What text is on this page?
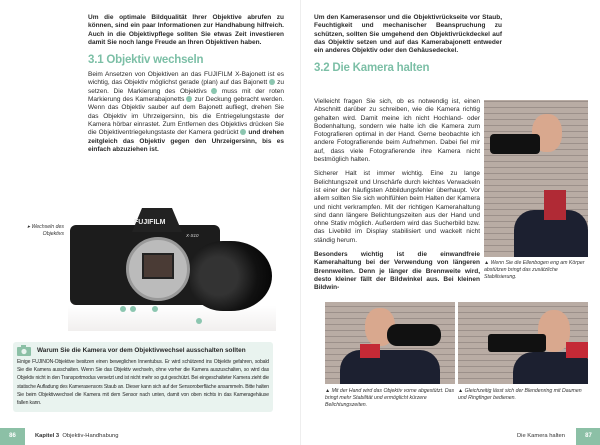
Um die optimale Bildqualität Ihrer Objektive abrufen zu können, sind ein paar Informationen zur Handhabung hilfreich. Auch in die Objektivpflege sollten Sie etwas Zeit investieren damit Sie noch lange Freude an Ihren Objektiven haben.
3.1 Objektiv wechseln
Beim Ansetzen von Objektiven an das FUJIFILM X-Bajonett ist es wichtig, das Objektiv möglichst gerade (plan) auf das Bajonett  zu setzen. Die Markierung des Objektivs  muss mit der roten Markierung des Kamerabajonetts  zur Deckung gebracht werden. Wenn das Objektiv sauber auf dem Bajonett aufliegt, drehen Sie das Objektiv im Uhrzeigersinn, bis die Entriegelungstaste der Kamera hörbar einrastet. Zum Entfernen des Objektivs drücken Sie die Objektiventriegelungstaste der Kamera gedrückt  und drehen zeitgleich das Objektiv gegen den Uhrzeigersinn, bis es einfach abzuziehen ist.
▸ Wechseln des Objektivs
FUJIFILM
X-S10
Warum Sie die Kamera vor dem Objektivwechsel ausschalten sollten
Einige FUJINON-Objektive besitzen einen beweglichen Innentubus. Er wird schützend ins Objektiv gefahren, sobald Sie die Kamera ausschalten. Wenn Sie das Objektiv wechseln, ohne vorher die Kamera auszuschalten, so wird das Objektiv nicht in den Transportmodus versetzt und ist nicht mehr so gut geschützt. Bei eingeschalteter Kamera zieht die statische Aufladung des Kamerasensors Staub an. Dieser kann sich auf der Sensoroberfläche ansammeln. Bitte halten Sie beim Objektivwechsel die Kamera mit dem Sensor nach unten, damit von oben nichts in das Kameragehäuse fallen kann.
86	Kapitel 3 Objektiv-Handhabung
Um den Kamerasensor und die Objektivrückseite vor Staub, Feuchtigkeit und mechanischer Beanspruchung zu schützen, sollten Sie umgehend den Objektivrückdeckel auf das Objektiv setzen und auf das Kamerabajonett entweder ein anderes Objektiv oder den Gehäusedeckel.
3.2 Die Kamera halten
Vielleicht fragen Sie sich, ob es notwendig ist, einen Abschnitt darüber zu schreiben, wie die Kamera richtig gehalten wird. Damit meine ich nicht Hochland- oder Bodenhaltung, sondern wie halte ich die Kamera zum Fotografieren optimal in der Hand. Gerne beobachte ich andere Fotografierende beim Aufnehmen. Dabei fiel mir auf, dass viele Fotografierende ihre Kamera nicht bestmöglich halten.
Sicherer Halt ist immer wichtig. Eine zu lange Belichtungszeit und Unschärfe durch leichtes Verwackeln ist einer der häufigsten Abbildungsfehler überhaupt. Vor allem sollten Sie sich wohlfühlen beim Halten der Kamera und nicht verkrampfen. Mit der richtigen Kamerahaltung sind dann längere Belichtungszeiten aus der Hand und ohne Stativ möglich. Außerdem wird das Sucherbild bzw. das Livebild im Display stabilisiert und wackelt nicht ständig herum.
Besonders wichtig ist die einwandfreie Kamerahaltung bei der Verwendung von längeren Brennweiten. Denn je länger die Brennweite wird, desto kleiner fällt der Bildwinkel aus. Bei kleinen Bildwin-
▲ Wenn Sie die Ellenbogen eng am Körper abstützen bringt das zusätzliche Stabilisierung.
▲ Mit der Hand wird das Objektiv vorne abgestützt. Das bringt mehr Stabilität und ermöglicht kürzere Belichtungszeiten.
▲ Gleichzeitig lässt sich der Blendenring mit Daumen und Ringfinger bedienen.
Die Kamera halten	87
